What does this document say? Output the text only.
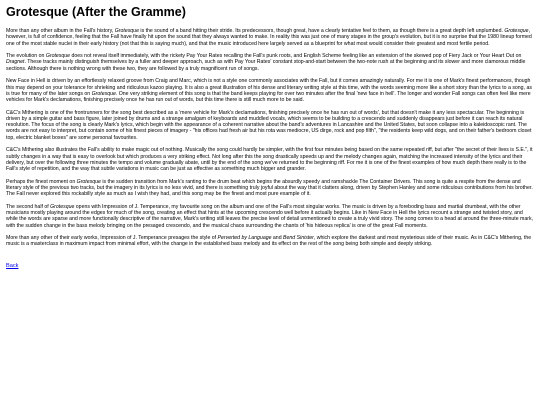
Grotesque (After the Gramme)

More than any other album in the Fall's history, Grotesque is the sound of a band hitting their stride. Its predecessors, though great, have a clearly tentative feel to them, as though there is a great depth left unplumbed. Grotesque, however, is full of confidence, feeling that the Fall have finally hit upon the sound that they always wanted to make. In reality this was just one of many stages in the group's evolution, but it is no surprise that the 1980 lineup formed one of the most stable nuclei in their early history (not that this is saying much), and that the music introduced here largely served as a blueprint for what most would consider their greatest and most fertile period.

The evolution on Grotesque does not reveal itself immediately, with the rickety Pay Your Rates recalling the Fall's punk roots, and English Scheme feeling like an extension of the skewed pop of Fiery Jack or Your Heart Out on Dragnet. These tracks mainly distinguish themselves by a fuller and deeper approach, such as with Pay Your Rates' constant stop-and-start between the two-note rush at the beginning and its slower and more clamorous middle sections. Although there is nothing wrong with these two, they are followed by a truly magnificent run of songs.

New Face in Hell is driven by an effortlessly relaxed groove from Craig and Marc, which is not a style one commonly associates with the Fall, but it comes amazingly naturally. For me it is one of Mark's finest performances, though this may depend on your tolerance for shrieking and ridiculous kazoo playing. It is also a great illustration of his dense and literary writing style at this time, with the words seeming more like a short story than the lyrics to a song, as is true for many of the later songs on Grotesque. One very striking element of this song is that the band keeps playing for over two minutes after the final 'new face in hell'. The longer and wonder Fall songs can often feel like mere vehicles for Mark's declamations, finishing precisely once he has run out of words, but this time there is still much more to be said.

C&C's Mithering is one of the frontrunners for the song best described as a 'mere vehicle for Mark's declamations, finishing precisely once he has run out of words', but that doesn't make it any less spectacular. The beginning is driven by a simple guitar and bass figure, later joined by drums and a strange amalgam of keyboards and muddled vocals, which seems to be building to a crescendo and suddenly disappears just before it can reach its natural resolution. The focus of the song is clearly Mark's lyrics, which begin with the appearance of a coherent narrative about the band's adventures in Lancashire and the United States, but soon collapse into a kaleidoscopic rant. The words are not easy to interpret, but contain some of his finest pieces of imagery - "his offices had fresh air but his rota was mediocre, US dirge, rock and pop filth", "the residents keep wild dogs, and on their father's bedroom closet top, electric blanket boxes" are some personal favourites.

C&C's Mithering also illustrates the Fall's ability to make magic out of nothing. Musically the song could hardly be simpler, with the first four minutes being based on the same repeated riff, but after "the secret of their lives is S.E.", it subtly changes in a way that is easy to overlook but which produces a very striking effect. Not long after this the song drastically speeds up and the melody changes again, matching the increased intensity of the lyrics and their delivery, but over the following three minutes the tempo and volume gradually abate, until by the end of the song we've returned to the beginning riff. For me it is one of the finest examples of how much depth there really is to the Fall's style of repetition, and the way that subtle variations in music can be just as effective as something much bigger and grander.

Perhaps the finest moment on Grotesque is the sudden transition from Mark's ranting to the drum beat which begins the absurdly speedy and ramshackle The Container Drivers. This song is quite a respite from the dense and literary style of the previous two tracks, but the imagery in its lyrics is no less vivid, and there is something truly joyful about the way that it clatters along, driven by Stephen Hanley and some ridiculous contributions from his brother. The Fall never explored this rockabilly style as much as I wish they had, and this song may be the finest and most pure example of it.

The second half of Grotesque opens with Impression of J. Temperance, my favourite song on the album and one of the Fall's most singular works. The music is driven by a foreboding bass and martial drumbeat, with the other musicians mostly playing around the edges for much of the song, creating an effect that hints at the upcoming crescendo well before it actually begins. Like in New Face in Hell the lyrics recount a strange and twisted story, and while the words are sparse and more functionally descriptive of the narrative, Mark's writing still leaves the precise level of detail unmentioned to create a truly vivid story. The song comes to a head at around the three-minute mark, with the sudden change in the bass melody bringing on the presaged crescendo, and the musical chaos surrounding the chants of 'his hideous replica' is one of the great Fall moments.

More than any other of their early works, Impression of J. Temperance presages the style of Perverted by Language and Bend Sinister, which explore the darkest and most mysterious side of their music. As in C&C's Mithering, the music is a masterclass in maximum impact from minimal effort, with the change in the established bass melody and its effect on the rest of the song being both simple and deeply striking.

Back
